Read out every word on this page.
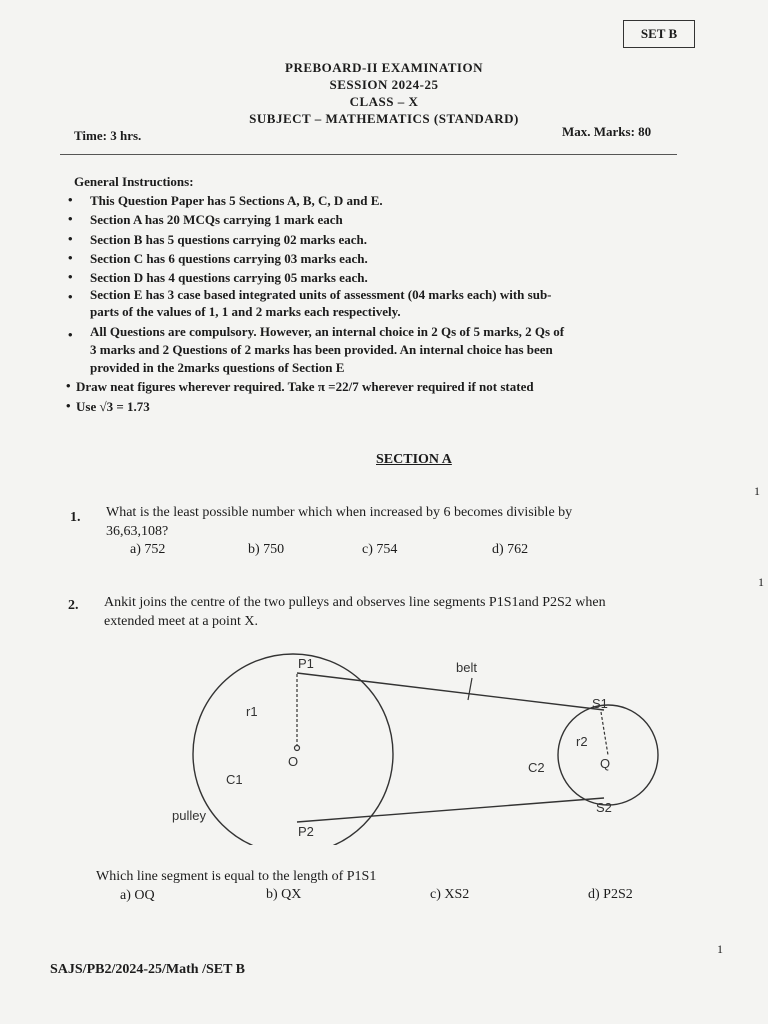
SET B
PREBOARD-II EXAMINATION
SESSION 2024-25
CLASS – X
SUBJECT – MATHEMATICS (STANDARD)
Time: 3 hrs.	Max. Marks: 80
General Instructions:
• This Question Paper has 5 Sections A, B, C, D and E.
• Section A has 20 MCQs carrying 1 mark each
• Section B has 5 questions carrying 02 marks each.
• Section C has 6 questions carrying 03 marks each.
• Section D has 4 questions carrying 05 marks each.
• Section E has 3 case based integrated units of assessment (04 marks each) with sub-
parts of the values of 1, 1 and 2 marks each respectively.
• All Questions are compulsory. However, an internal choice in 2 Qs of 5 marks, 2 Qs of
3 marks and 2 Questions of 2 marks has been provided. An internal choice has been
provided in the 2marks questions of Section E
• Draw neat figures wherever required. Take π =22/7 wherever required if not stated
• Use √3 = 1.73
SECTION A
1
1. What is the least possible number which when increased by 6 becomes divisible by
36,63,108?
a) 752	b) 750	c) 754	d) 762
1
2. Ankit joins the centre of the two pulleys and observes line segments P1S1and P2S2 when
extended meet at a point X.
P1
P2
S1
S2
belt
r1
r2
O	Q
C1
C2
pulley
Which line segment is equal to the length of P1S1
a) OQ	b) QX	c) XS2	d) P2S2
1
SAJS/PB2/2024-25/Math /SET B
